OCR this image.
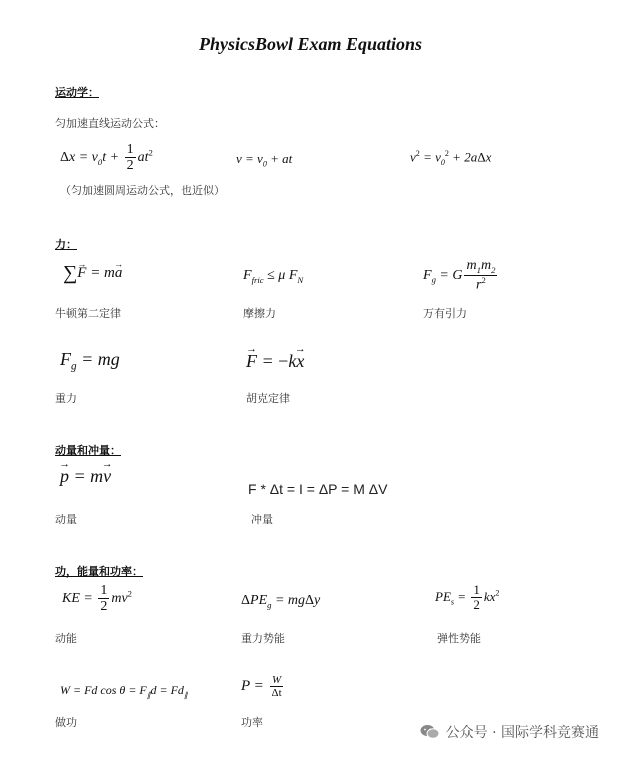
PhysicsBowl Exam Equations
运动学：
匀加速直线运动公式：
$\Delta x = v_0t + \frac{1}{2} at^2$	$v = v_0$ + at	$v^2 = v_0^2 + 2a\Delta x$
（匀加速圆周运动公式，也近似）
力：
∑→ F = m→ a	$F_{fric} \le \mu$ $F_N$	$F_g = G \frac{m_1m_2}{r^2}$
牛顿第二定律	摩擦力	万有引力
$F_g$ = mg
→	F = −k→ x
重力	胡克定律
动量和冲量：
→ p = m→ v
F * Δt = I = ΔP = M ΔV
动量	冲量
功，能量和功率：
KE = $\frac{1}{2} mv^2$	$\Delta PE_g = mg\Delta y$	$PE_s = \frac{1}{2} kx^2$
动能	重力势能	弹性势能
W = Fd $\cos \theta = F_\parallel d = Fd_\parallel$
$P = \frac{W}{\Delta t}$
做功	功率
公众号 · 国际学科竞赛通
